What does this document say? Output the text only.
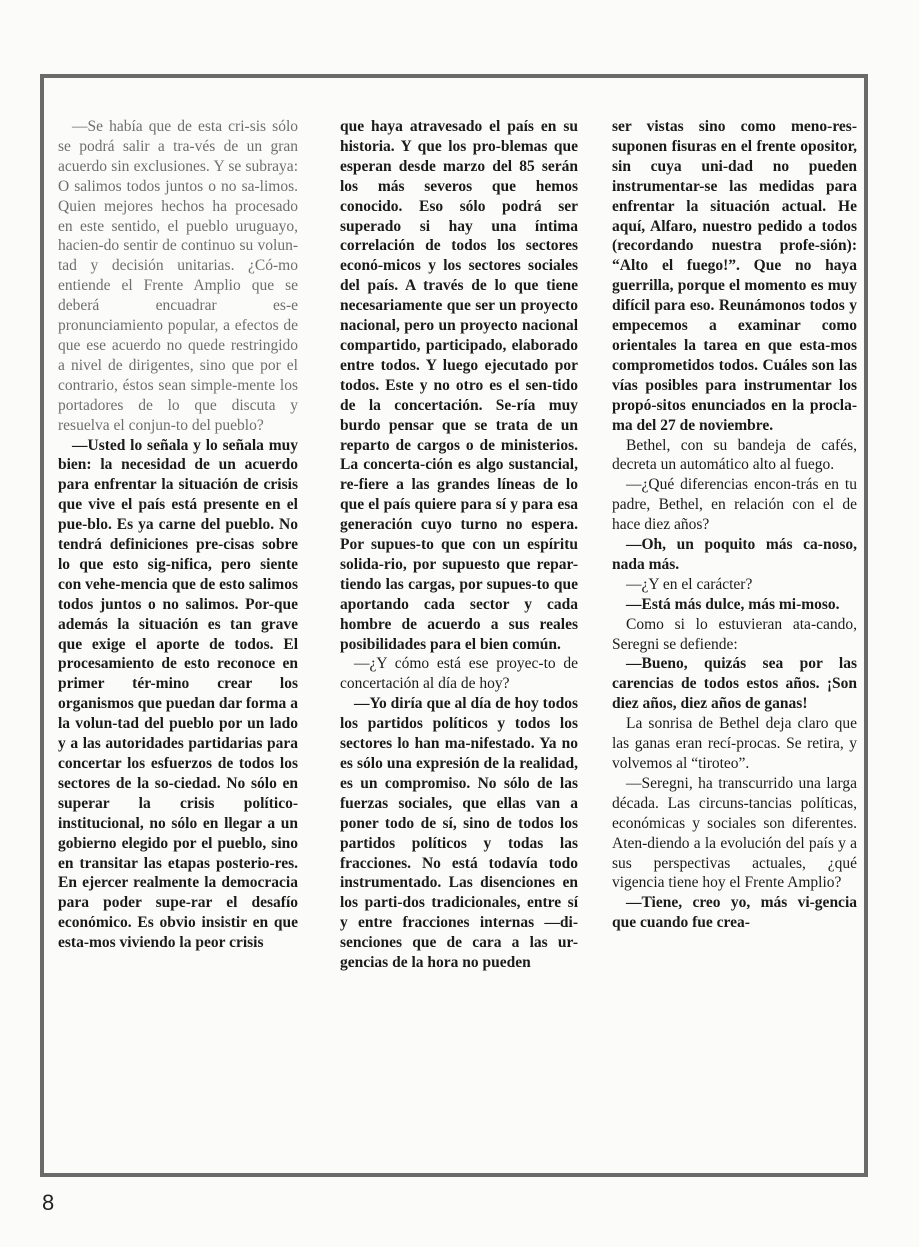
—Se había que de esta cri-sis sólo se podrá salir a tra-vés de un gran acuerdo sin exclusiones. Y se subraya: O salimos todos juntos o no sa-limos. Quien mejores hechos ha procesado en este sentido, el pueblo uruguayo, hacien-do sentir de continuo su volun-tad y decisión unitarias. ¿Có-mo entiende el Frente Amplio que se deberá encuadrar es-e pronunciamiento popular, a efectos de que ese acuerdo no quede restringido a nivel de dirigentes, sino que por el contrario, éstos sean simple-mente los portadores de lo que discuta y resuelva el conjun-to del pueblo?

—Usted lo señala y lo señala muy bien: la necesidad de un acuerdo para enfrentar la situación de crisis que vive el país está presente en el pue-blo. Es ya carne del pueblo. No tendrá definiciones pre-cisas sobre lo que esto sig-nifica, pero siente con vehe-mencia que de esto salimos todos juntos o no salimos. Por-que además la situación es tan grave que exige el aporte de todos. El procesamiento de esto reconoce en primer tér-mino crear los organismos que puedan dar forma a la volun-tad del pueblo por un lado y a las autoridades partidarias para concertar los esfuerzos de todos los sectores de la so-ciedad. No sólo en superar la crisis político-institucional, no sólo en llegar a un gobierno elegido por el pueblo, sino en transitar las etapas posterio-res. En ejercer realmente la democracia para poder supe-rar el desafío económico. Es obvio insistir en que esta-mos viviendo la peor crisis

que haya atravesado el país en su historia. Y que los pro-blemas que esperan desde marzo del 85 serán los más severos que hemos conocido. Eso sólo podrá ser superado si hay una íntima correlación de todos los sectores econó-micos y los sectores sociales del país. A través de lo que tiene necesariamente que ser un proyecto nacional, pero un proyecto nacional compartido, participado, elaborado entre todos. Y luego ejecutado por todos. Este y no otro es el sen-tido de la concertación. Se-ría muy burdo pensar que se trata de un reparto de cargos o de ministerios. La concerta-ción es algo sustancial, re-fiere a las grandes líneas de lo que el país quiere para sí y para esa generación cuyo turno no espera. Por supues-to que con un espíritu solida-rio, por supuesto que repar-tiendo las cargas, por supues-to que aportando cada sector y cada hombre de acuerdo a sus reales posibilidades para el bien común.

—¿Y cómo está ese proyec-to de concertación al día de hoy?

—Yo diría que al día de hoy todos los partidos políticos y todos los sectores lo han ma-nifestado. Ya no es sólo una expresión de la realidad, es un compromiso. No sólo de las fuerzas sociales, que ellas van a poner todo de sí, sino de todos los partidos políticos y todas las fracciones. No está todavía todo instrumentado. Las disenciones en los parti-dos tradicionales, entre sí y entre fracciones internas —di-senciones que de cara a las ur-gencias de la hora no pueden

ser vistas sino como meno-res- suponen fisuras en el frente opositor, sin cuya uni-dad no pueden instrumentar-se las medidas para enfrentar la situación actual. He aquí, Alfaro, nuestro pedido a todos (recordando nuestra profe-sión): “Alto el fuego!”. Que no haya guerrilla, porque el momento es muy difícil para eso. Reunámonos todos y empecemos a examinar como orientales la tarea en que esta-mos comprometidos todos. Cuáles son las vías posibles para instrumentar los propó-sitos enunciados en la procla-ma del 27 de noviembre.

Bethel, con su bandeja de cafés, decreta un automático alto al fuego.

—¿Qué diferencias encon-trás en tu padre, Bethel, en relación con el de hace diez años?

—Oh, un poquito más ca-noso, nada más.

—¿Y en el carácter?

—Está más dulce, más mi-moso.

Como si lo estuvieran ata-cando, Seregni se defiende:

—Bueno, quizás sea por las carencias de todos estos años. ¡Son diez años, diez años de ganas!

La sonrisa de Bethel deja claro que las ganas eran recí-procas. Se retira, y volvemos al “tiroteo”.

—Seregni, ha transcurrido una larga década. Las circuns-tancias políticas, económicas y sociales son diferentes. Aten-diendo a la evolución del país y a sus perspectivas actuales, ¿qué vigencia tiene hoy el Frente Amplio?

—Tiene, creo yo, más vi-gencia que cuando fue crea-

8
